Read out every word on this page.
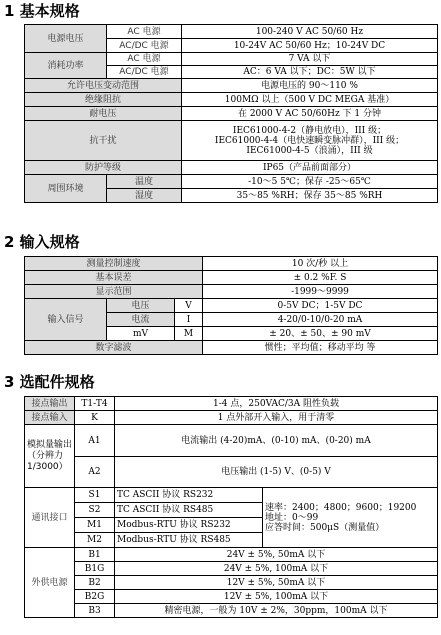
1 基本规格
电源电压	AC 电源	100-240 V AC 50/60 Hz
	AC/DC 电源	10-24V AC 50/60 Hz；10-24V DC
消耗功率	AC 电源	7 VA 以下
	AC/DC 电源	AC：6 VA 以下；DC：5W 以下
允许电压变动范围		电源电压的 90～110 %
绝缘阻抗		100MΩ 以上（500 V DC MEGA 基准）
耐电压		在 2000 V AC 50/60Hz 下 1 分钟
抗干扰		IEC61000-4-2（静电放电），III 级；
IEC61000-4-4（电快速瞬变脉冲群），III 级；
IEC61000-4-5（浪涌），III 级

防护等级		IP65（产品前面部分）
周围环境	温度	-10～5 5℃；保存 -25～65℃
	湿度	35～85 %RH；保存 35～85 %RH
2 输入规格
测量控制速度			10 次/秒 以上
基本误差			± 0.2 %F. S
显示范围			-1999～9999
输入信号	电压	V	0-5V DC；1-5V DC
	电流	I	4-20/0-10/0-20 mA
	mV	M	± 20、± 50、± 90 mV
数字滤波			惯性；平均值；移动平均 等
3 选配件规格
接点输出	T1-T4	1-4 点，250VAC/3A 阻性负载	
接点输入	K	1 点外部开入输入，用于清零	
模拟量输出（分辨力 1/3000）	A1	电流输出 (4-20)mA、(0-10) mA、(0-20) mA	
	A2	电压输出 (1-5) V、(0-5) V	
通讯接口	S1	TC ASCII 协议 RS232	速率：2400；4800；9600；19200
地址：0～99
应答时间：500μS（测量值）

	S2	TC ASCII 协议 RS485	
	M1	Modbus-RTU 协议 RS232	
	M2	Modbus-RTU 协议 RS485	
外供电源	B1	24V ± 5%, 50mA 以下	
	B1G	24V ± 5%, 100mA 以下	
	B2	12V ± 5%, 50mA 以下	
	B2G	12V ± 5%, 100mA 以下	
	B3	精密电源，一般为 10V ± 2%，30ppm，100mA 以下	
